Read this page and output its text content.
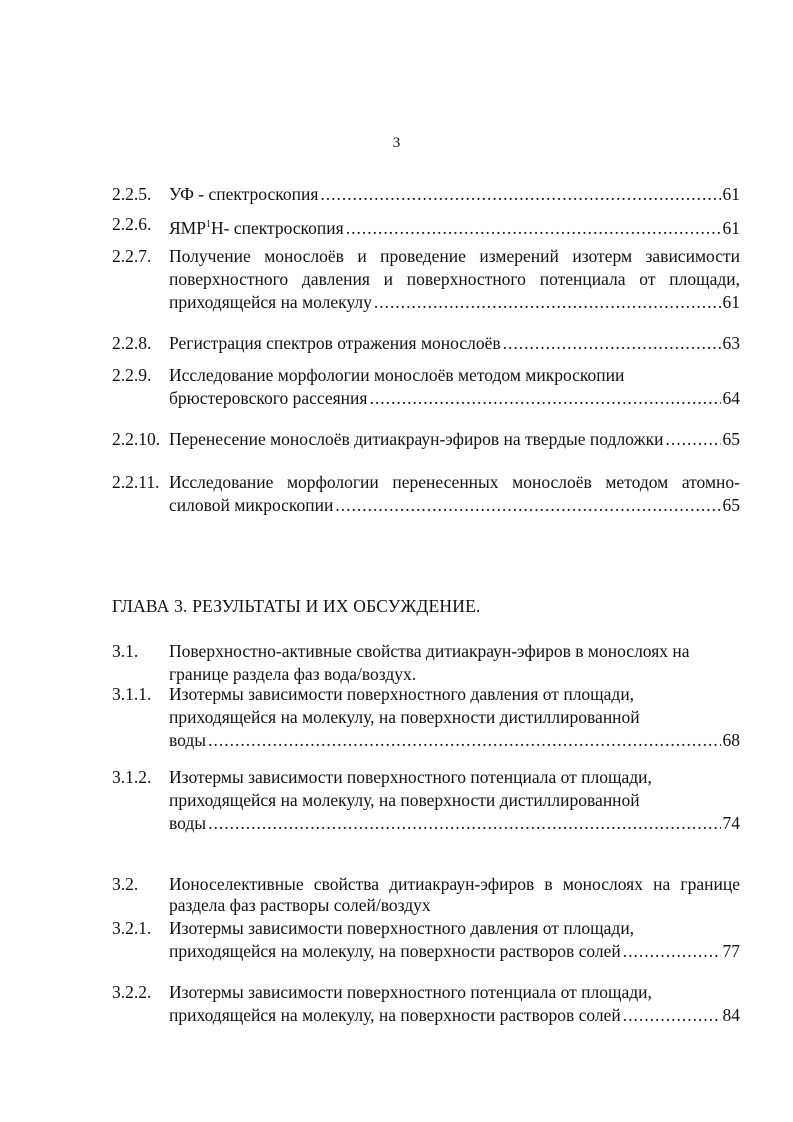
3
2.2.5. УФ - спектроскопия .....	61
2.2.6. ЯМР$^1$Н- спектроскопия .....	61
2.2.7. Получение монослоёв и проведение измерений изотерм зависимости
поверхностного давления и поверхностного потенциала от площади,
приходящейся на молекулу .....	61
2.2.8. Регистрация спектров отражения монослоёв .....	63
2.2.9. Исследование морфологии монослоёв методом микроскопии
брюстеровского рассеяния .....	64
2.2.10. Перенесение монослоёв дитиакраун-эфиров на твердые подложки .....	65
2.2.11. Исследование морфологии перенесенных монослоёв методом атомно-
силовой микроскопии .....	65
ГЛАВА 3. РЕЗУЛЬТАТЫ И ИХ ОБСУЖДЕНИЕ.
3.1. Поверхностно-активные свойства дитиакраун-эфиров в монослоях на
границе раздела фаз вода/воздух.
3.1.1. Изотермы зависимости поверхностного давления от площади,
приходящейся на молекулу, на поверхности дистиллированной
воды .....	68
3.1.2. Изотермы зависимости поверхностного потенциала от площади,
приходящейся на молекулу, на поверхности дистиллированной
воды .....	74
3.2. Ионоселективные свойства дитиакраун-эфиров в монослоях на границе
раздела фаз растворы солей/воздух
3.2.1. Изотермы зависимости поверхностного давления от площади,
приходящейся на молекулу, на поверхности растворов солей .....	77
3.2.2. Изотермы зависимости поверхностного потенциала от площади,
приходящейся на молекулу, на поверхности растворов солей .....	84
